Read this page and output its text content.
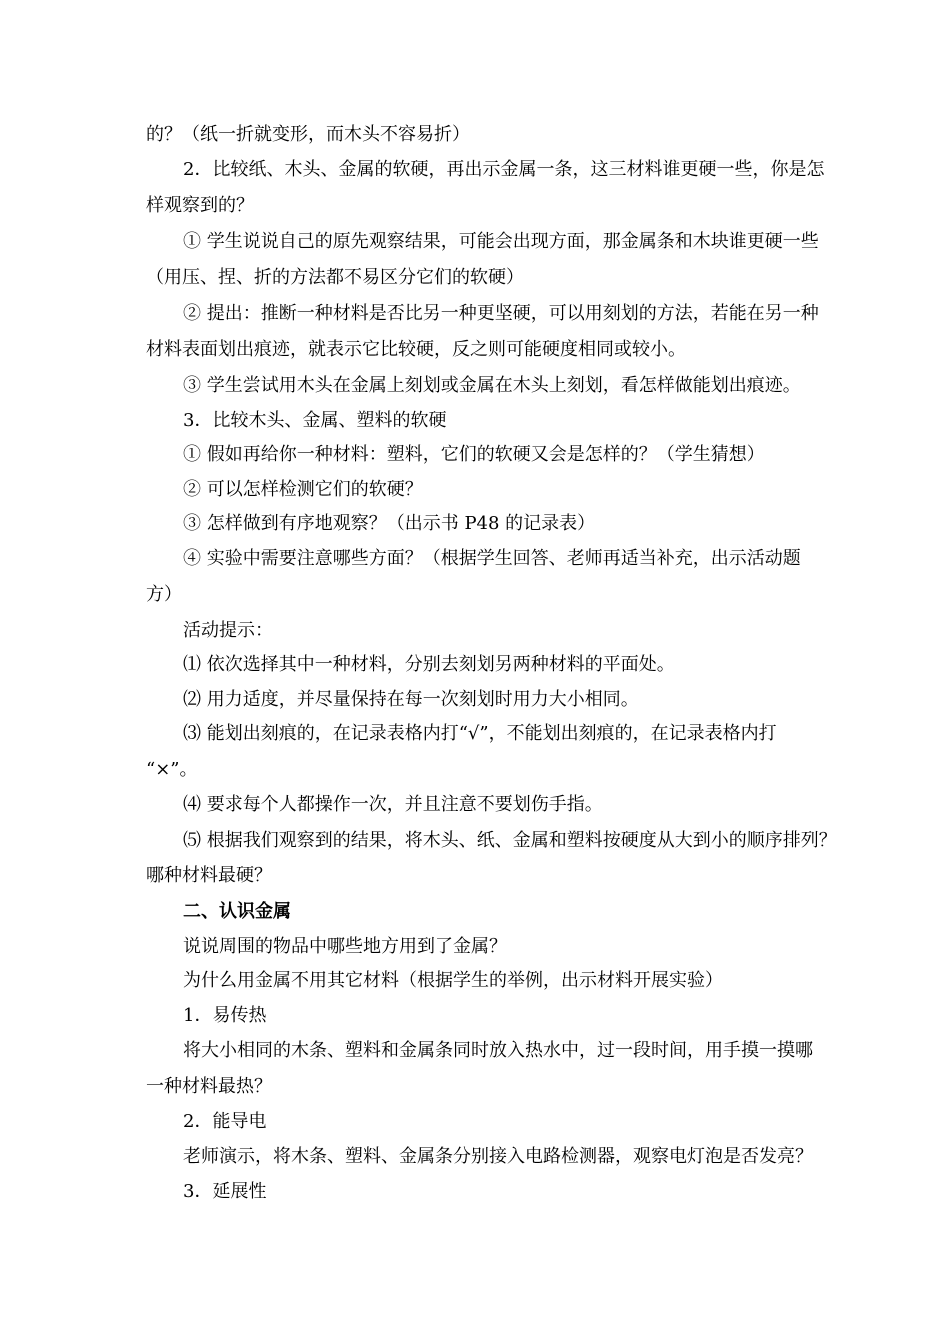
的？（纸一折就变形，而木头不容易折）
2．比较纸、木头、金属的软硬，再出示金属一条，这三材料谁更硬一些，你是怎
样观察到的？
① 学生说说自己的原先观察结果，可能会出现方面，那金属条和木块谁更硬一些
（用压、捏、折的方法都不易区分它们的软硬）
② 提出：推断一种材料是否比另一种更坚硬，可以用刻划的方法，若能在另一种
材料表面划出痕迹，就表示它比较硬，反之则可能硬度相同或较小。
③ 学生尝试用木头在金属上刻划或金属在木头上刻划，看怎样做能划出痕迹。
3．比较木头、金属、塑料的软硬
① 假如再给你一种材料：塑料，它们的软硬又会是怎样的？（学生猜想）
② 可以怎样检测它们的软硬？
③ 怎样做到有序地观察？（出示书 P48 的记录表）
④ 实验中需要注意哪些方面？（根据学生回答、老师再适当补充，出示活动题
方）
活动提示：
⑴ 依次选择其中一种材料，分别去刻划另两种材料的平面处。
⑵ 用力适度，并尽量保持在每一次刻划时用力大小相同。
⑶ 能划出刻痕的，在记录表格内打“√”，不能划出刻痕的，在记录表格内打
“×”。
⑷ 要求每个人都操作一次，并且注意不要划伤手指。
⑸ 根据我们观察到的结果，将木头、纸、金属和塑料按硬度从大到小的顺序排列？
哪种材料最硬？
二、认识金属
说说周围的物品中哪些地方用到了金属？
为什么用金属不用其它材料（根据学生的举例，出示材料开展实验）
1．易传热
将大小相同的木条、塑料和金属条同时放入热水中，过一段时间，用手摸一摸哪
一种材料最热？
2．能导电
老师演示，将木条、塑料、金属条分别接入电路检测器，观察电灯泡是否发亮？
3．延展性
